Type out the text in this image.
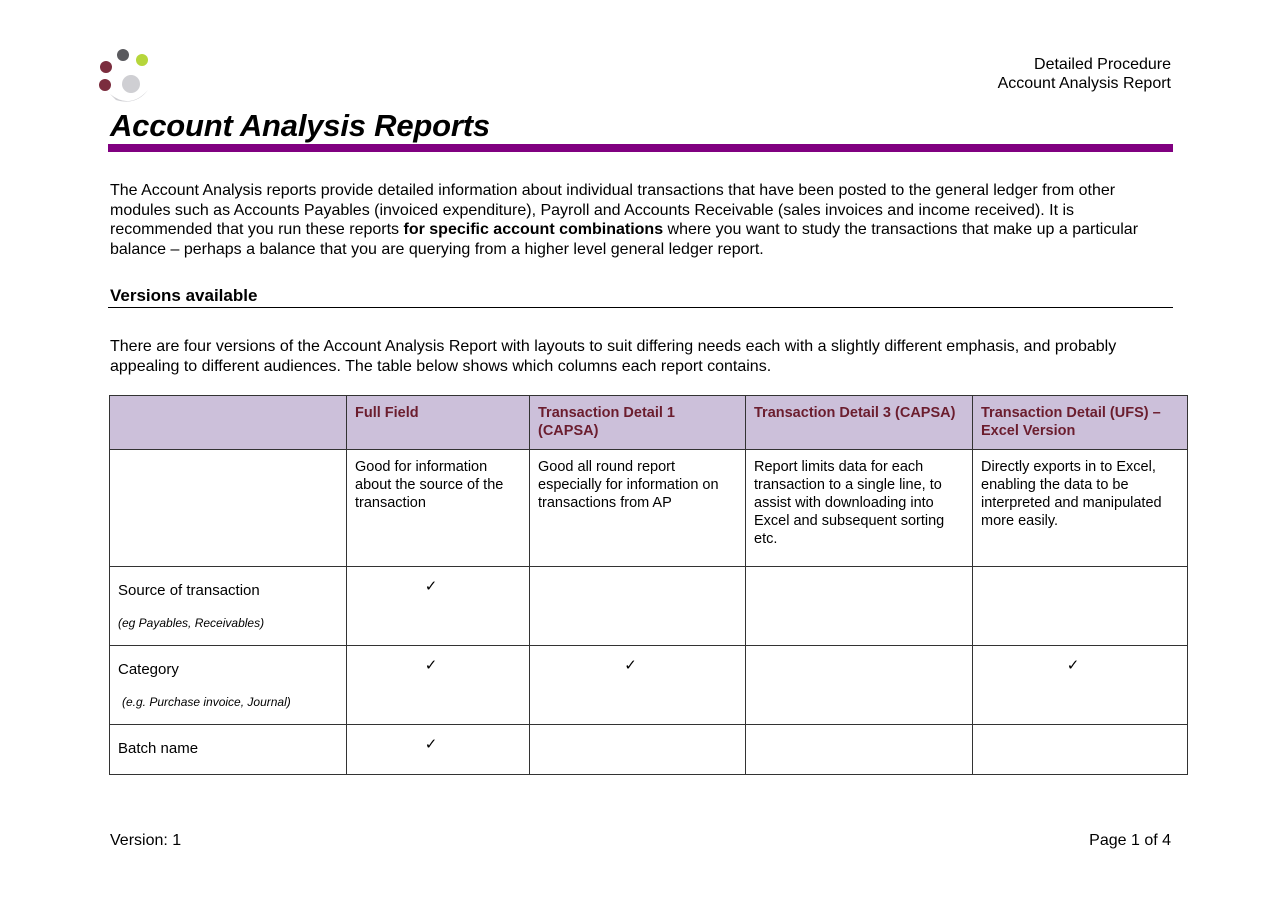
Detailed Procedure
Account Analysis Report
Account Analysis Reports

The Account Analysis reports provide detailed information about individual transactions that have been posted to the general ledger from other modules such as Accounts Payables (invoiced expenditure), Payroll and Accounts Receivable (sales invoices and income received). It is recommended that you run these reports for specific account combinations where you want to study the transactions that make up a particular balance – perhaps a balance that you are querying from a higher level general ledger report.

Versions available

There are four versions of the Account Analysis Report with layouts to suit differing needs each with a slightly different emphasis, and probably appealing to different audiences. The table below shows which columns each report contains.

	Full Field	Transaction Detail 1 (CAPSA)	Transaction Detail 3 (CAPSA)	Transaction Detail (UFS) – Excel Version
	Good for information about the source of the transaction	Good all round report especially for information on transactions from AP	Report limits data for each transaction to a single line, to assist with downloading into Excel and subsequent sorting etc.	Directly exports in to Excel, enabling the data to be interpreted and manipulated more easily.

Source of transaction
(eg Payables, Receivables)	✓			

Category
(e.g. Purchase invoice, Journal)	✓	✓		✓

Batch name	✓			
Version: 1	Page 1 of 4
